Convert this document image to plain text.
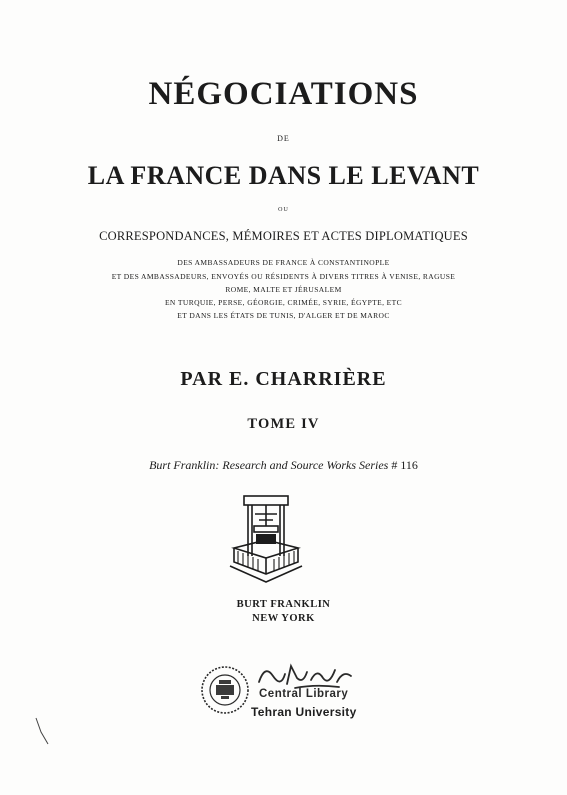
NÉGOCIATIONS
DE
LA FRANCE DANS LE LEVANT
OU
CORRESPONDANCES, MÉMOIRES ET ACTES DIPLOMATIQUES
DES AMBASSADEURS DE FRANCE À CONSTANTINOPLE
ET DES AMBASSADEURS, ENVOYÉS OU RÉSIDENTS À DIVERS TITRES À VENISE, RAGUSE
ROME, MALTE ET JÉRUSALEM
EN TURQUIE, PERSE, GÉORGIE, CRIMÉE, SYRIE, ÉGYPTE, ETC
ET DANS LES ÉTATS DE TUNIS, D'ALGER ET DE MAROC
PAR E. CHARRIÈRE
TOME IV
Burt Franklin: Research and Source Works Series # 116
BURT FRANKLIN
NEW YORK
Central Library
Tehran University
